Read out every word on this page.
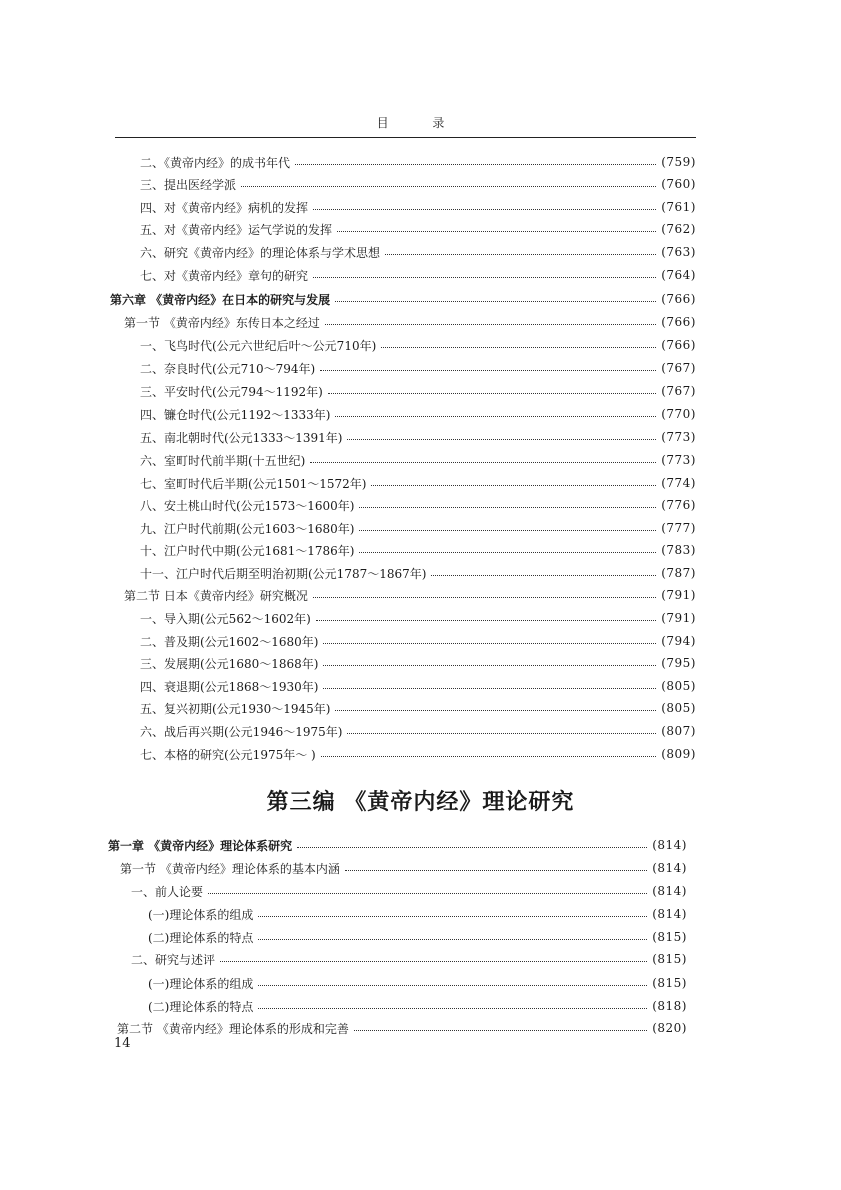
目 录
二、《黄帝内经》的成书年代	(759)
三、提出医经学派	(760)
四、对《黄帝内经》病机的发挥	(761)
五、对《黄帝内经》运气学说的发挥	(762)
六、研究《黄帝内经》的理论体系与学术思想	(763)
七、对《黄帝内经》章句的研究	(764)
第六章 《黄帝内经》在日本的研究与发展	(766)
第一节 《黄帝内经》东传日本之经过	(766)
一、飞鸟时代(公元六世纪后叶～公元710年)	(766)
二、奈良时代(公元710～794年)	(767)
三、平安时代(公元794～1192年)	(767)
四、镰仓时代(公元1192～1333年)	(770)
五、南北朝时代(公元1333～1391年)	(773)
六、室町时代前半期(十五世纪)	(773)
七、室町时代后半期(公元1501～1572年)	(774)
八、安土桃山时代(公元1573～1600年)	(776)
九、江户时代前期(公元1603～1680年)	(777)
十、江户时代中期(公元1681～1786年)	(783)
十一、江户时代后期至明治初期(公元1787～1867年)	(787)
第二节 日本《黄帝内经》研究概况	(791)
一、导入期(公元562～1602年)	(791)
二、普及期(公元1602～1680年)	(794)
三、发展期(公元1680～1868年)	(795)
四、衰退期(公元1868～1930年)	(805)
五、复兴初期(公元1930～1945年)	(805)
六、战后再兴期(公元1946～1975年)	(807)
七、本格的研究(公元1975年～ )	(809)
第三编 《黄帝内经》理论研究
第一章 《黄帝内经》理论体系研究	(814)
第一节 《黄帝内经》理论体系的基本内涵	(814)
一、前人论要	(814)
(一)理论体系的组成	(814)
(二)理论体系的特点	(815)
二、研究与述评	(815)
(一)理论体系的组成	(815)
(二)理论体系的特点	(818)
第二节 《黄帝内经》理论体系的形成和完善	(820)
14
